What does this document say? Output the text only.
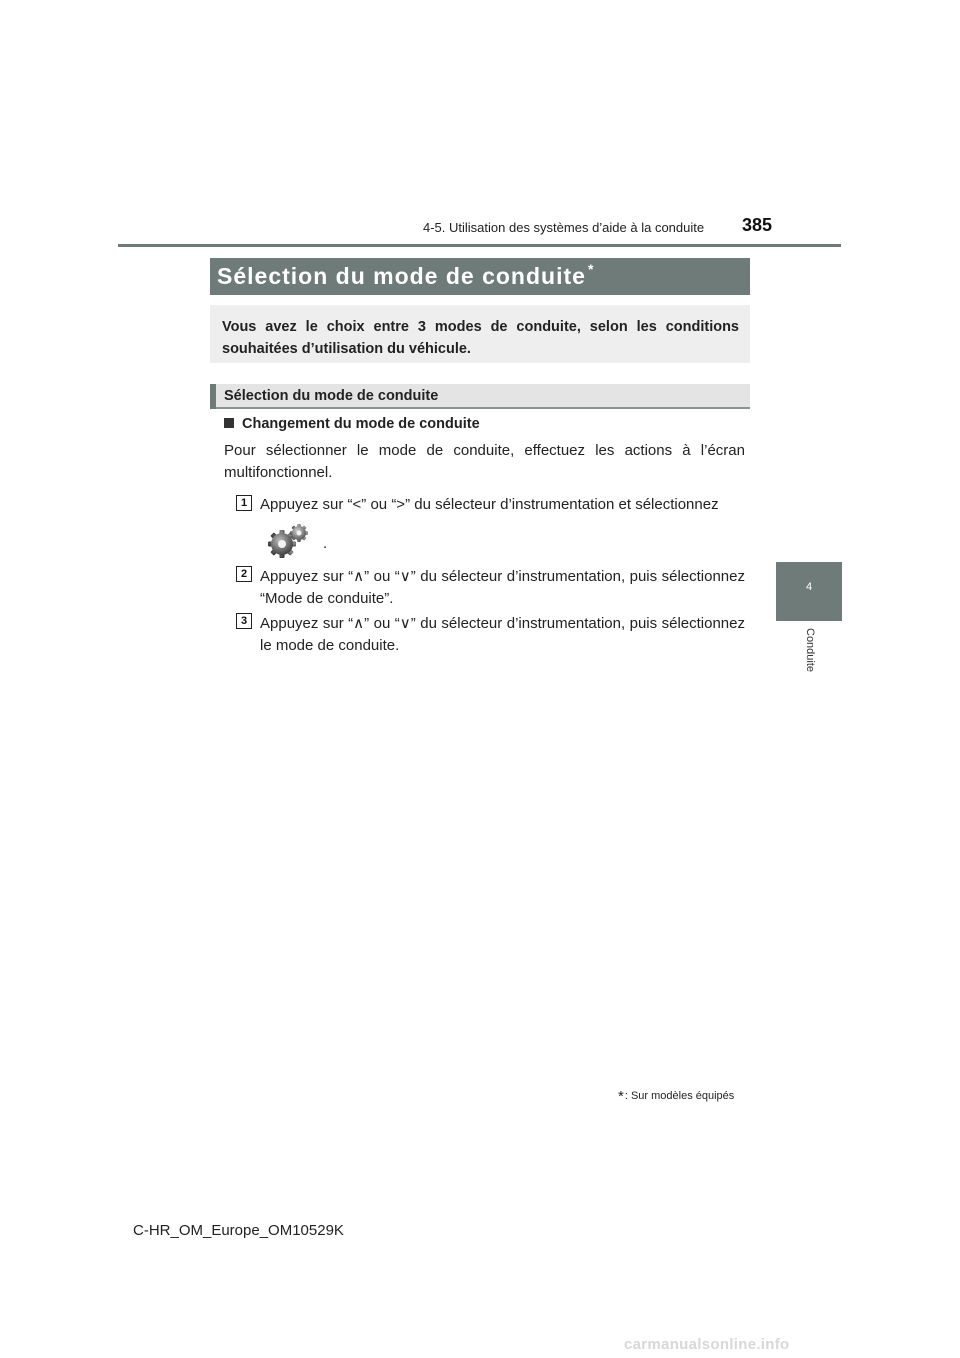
4-5. Utilisation des systèmes d’aide à la conduite 385
4
Conduite
Sélection du mode de conduite *
Vous avez le choix entre 3 modes de conduite, selon les conditions souhaitées d’utilisation du véhicule.
Sélection du mode de conduite
Changement du mode de conduite
Pour sélectionner le mode de conduite, effectuez les actions à l’écran multifonctionnel.
1 Appuyez sur “<” ou “>” du sélecteur d’instrumentation et sélectionnez
.
2 Appuyez sur “∧” ou “∨” du sélecteur d’instrumentation, puis sélectionnez “Mode de conduite”.
3 Appuyez sur “∧” ou “∨” du sélecteur d’instrumentation, puis sélectionnez le mode de conduite.
*: Sur modèles équipés
C-HR_OM_Europe_OM10529K
carmanualsonline.info
